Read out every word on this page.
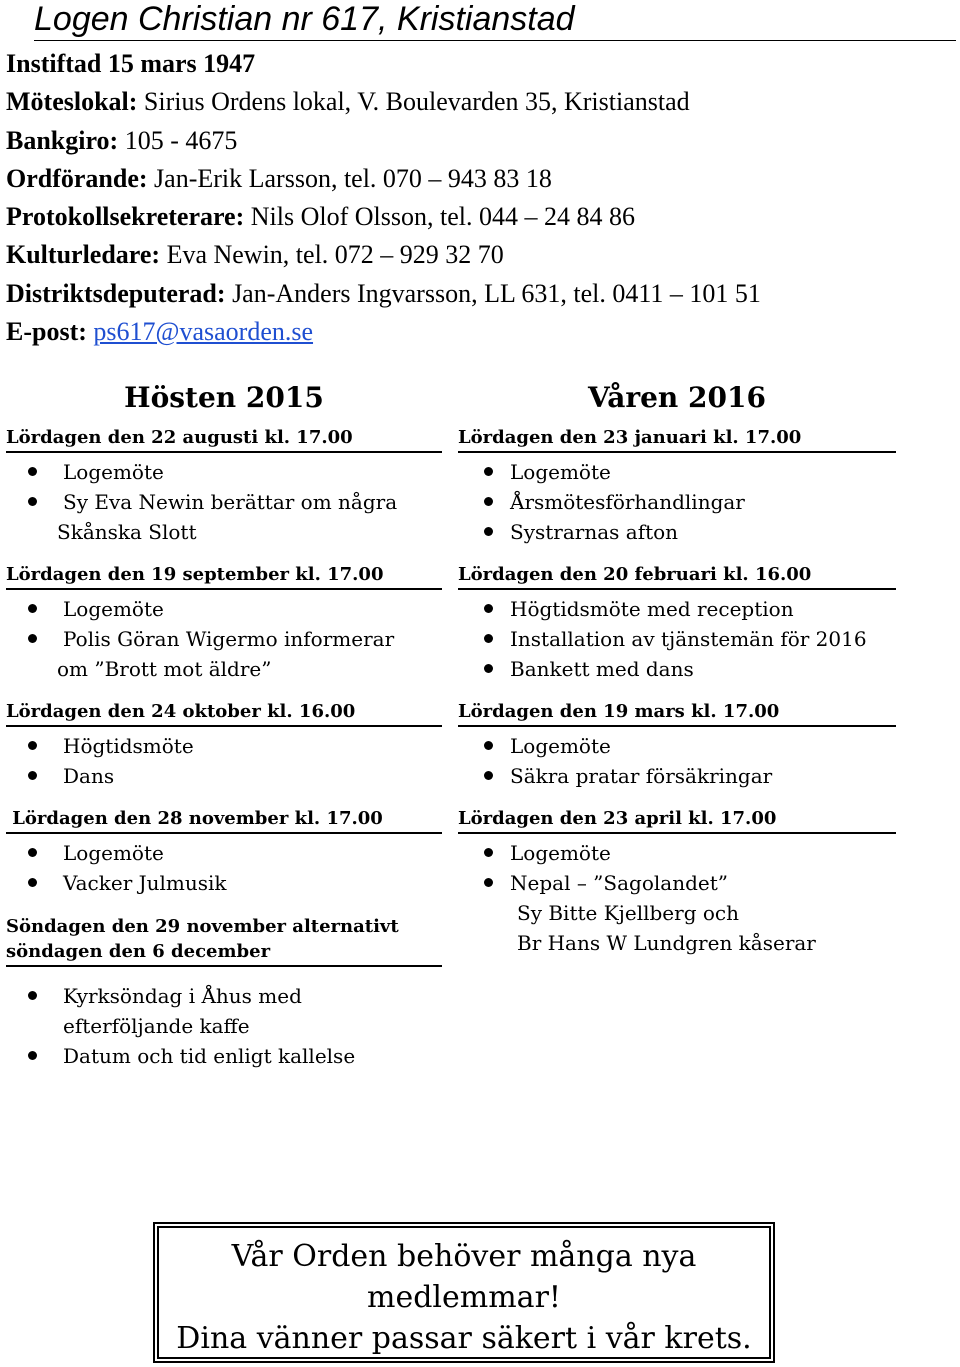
Logen Christian nr 617, Kristianstad
Instiftad 15 mars 1947
Möteslokal: Sirius Ordens lokal, V. Boulevarden 35, Kristianstad
Bankgiro: 105 - 4675
Ordförande: Jan-Erik Larsson, tel. 070 – 943 83 18
Protokollsekreterare: Nils Olof Olsson, tel. 044 – 24 84 86
Kulturledare: Eva Newin, tel. 072 – 929 32 70
Distriktsdeputerad: Jan-Anders Ingvarsson, LL 631, tel. 0411 – 101 51
E-post: ps617@vasaorden.se
Hösten 2015
Lördagen den 22 augusti kl. 17.00
Logemöte
Sy Eva Newin berättar om några
Skånska Slott
Lördagen den 19 september kl. 17.00
Logemöte
Polis Göran Wigermo informerar
om ”Brott mot äldre”
Lördagen den 24 oktober kl. 16.00
Högtidsmöte
Dans
Lördagen den 28 november kl. 17.00
Logemöte
Vacker Julmusik
Söndagen den 29 november alternativt
söndagen den 6 december
Kyrksöndag i Åhus med
efterföljande kaffe
Datum och tid enligt kallelse
Våren 2016
Lördagen den 23 januari kl. 17.00
Logemöte
Årsmötesförhandlingar
Systrarnas afton
Lördagen den 20 februari kl. 16.00
Högtidsmöte med reception
Installation av tjänstemän för 2016
Bankett med dans
Lördagen den 19 mars kl. 17.00
Logemöte
Säkra pratar försäkringar
Lördagen den 23 april kl. 17.00
Logemöte
Nepal – ”Sagolandet”
Sy Bitte Kjellberg och
Br Hans W Lundgren kåserar
Vår Orden behöver många nya
medlemmar!
Dina vänner passar säkert i vår krets.
